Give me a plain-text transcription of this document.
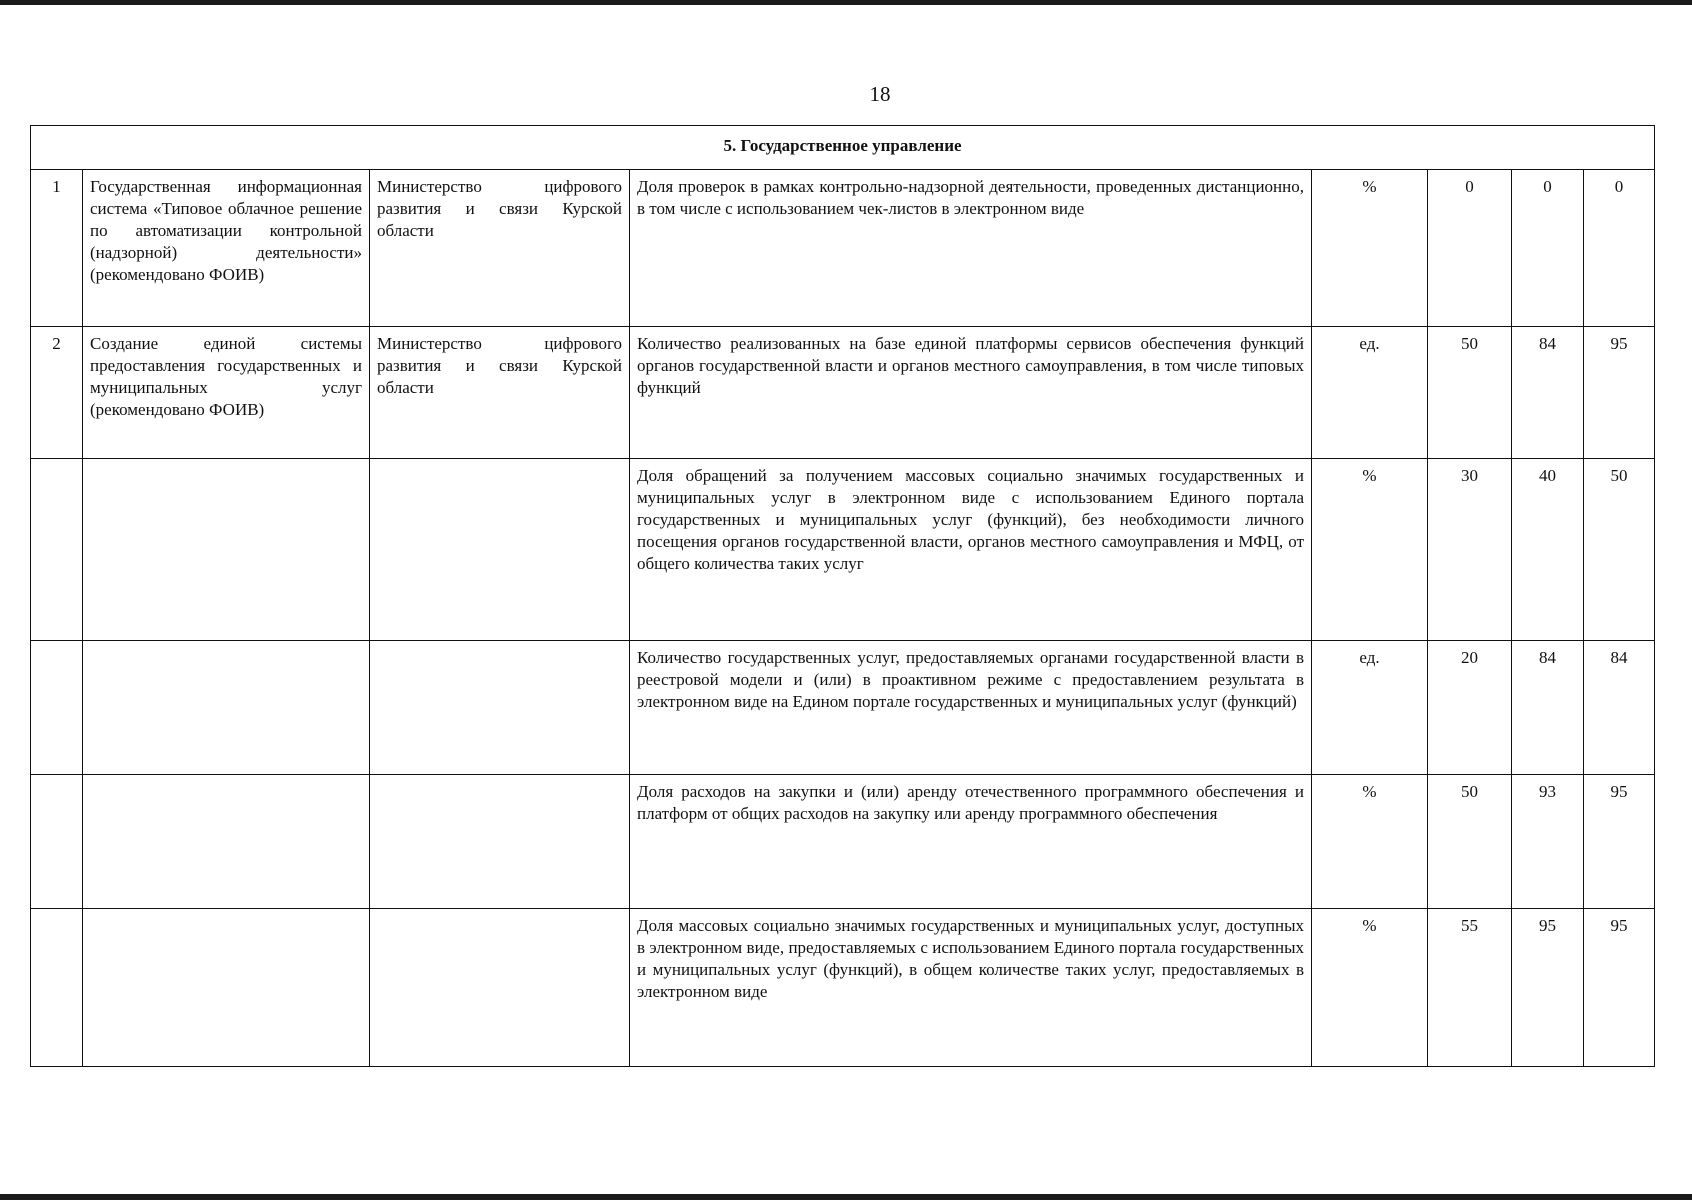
18
5. Государственное управление							
1	Государственная информационная система «Типовое облачное решение по автоматизации контрольной (надзорной) деятельности» (рекомендовано ФОИВ)	Министерство цифрового развития и связи Курской области	Доля проверок в рамках контрольно-надзорной деятельности, проведенных дистанционно, в том числе с использованием чек-листов в электронном виде	%	0	0	0
2	Создание единой системы предоставления государственных и муниципальных услуг (рекомендовано ФОИВ)	Министерство цифрового развития и связи Курской области	Количество реализованных на базе единой платформы сервисов обеспечения функций органов государственной власти и органов местного самоуправления, в том числе типовых функций	ед.	50	84	95
			Доля обращений за получением массовых социально значимых государственных и муниципальных услуг в электронном виде с использованием Единого портала государственных и муниципальных услуг (функций), без необходимости личного посещения органов государственной власти, органов местного самоуправления и МФЦ, от общего количества таких услуг	%	30	40	50
			Количество государственных услуг, предоставляемых органами государственной власти в реестровой модели и (или) в проактивном режиме с предоставлением результата в электронном виде на Едином портале государственных и муниципальных услуг (функций)	ед.	20	84	84
			Доля расходов на закупки и (или) аренду отечественного программного обеспечения и платформ от общих расходов на закупку или аренду программного обеспечения	%	50	93	95
			Доля массовых социально значимых государственных и муниципальных услуг, доступных в электронном виде, предоставляемых с использованием Единого портала государственных и муниципальных услуг (функций), в общем количестве таких услуг, предоставляемых в электронном виде	%	55	95	95
